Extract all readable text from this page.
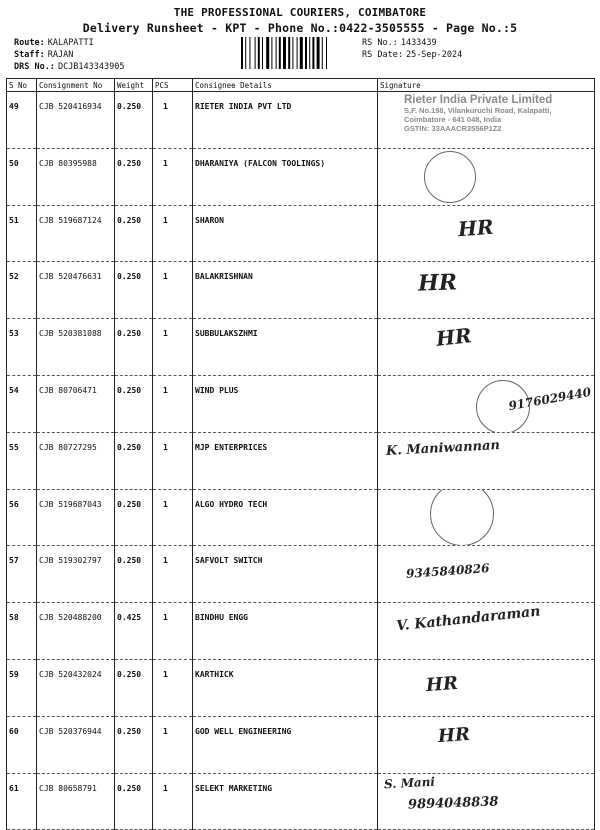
THE PROFESSIONAL COURIERS, COIMBATORE
Delivery Runsheet - KPT - Phone No.:0422-3505555 - Page No.:5
Route: KALAPATTI
Staff: RAJAN
DRS No.: DCJB143343905
RS No.: 1433439
RS Date: 25-Sep-2024
S No	Consignment No	Weight	PCS	Consignee Details	Signature
49	CJB 520416934	0.250	1	RIETER INDIA PVT LTD	Rieter India Private Limited
S.F. No.198, Vilankuruchi Road, Kalapatti,
Coimbatore - 641 048, India
GSTIN: 33AAACR3556P1Z2

50	CJB 80395988	0.250	1	DHARANIYA (FALCON TOOLINGS)	

51	CJB 519687124	0.250	1	SHARON	HR

52	CJB 520476631	0.250	1	BALAKRISHNAN	HR

53	CJB 520381088	0.250	1	SUBBULAKSZHMI	HR

54	CJB 80706471	0.250	1	WIND PLUS	9176029440

55	CJB 80727295	0.250	1	MJP ENTERPRICES	K. Maniwannan

56	CJB 519687043	0.250	1	ALGO HYDRO TECH	

57	CJB 519302797	0.250	1	SAFVOLT SWITCH	9345840826

58	CJB 520488200	0.425	1	BINDHU ENGG	V. Kathandaraman

59	CJB 520432024	0.250	1	KARTHICK	HR

60	CJB 520376944	0.250	1	GOD WELL ENGINEERING	HR

61	CJB 80658791	0.250	1	SELEKT MARKETING	S. Mani
9894048838
